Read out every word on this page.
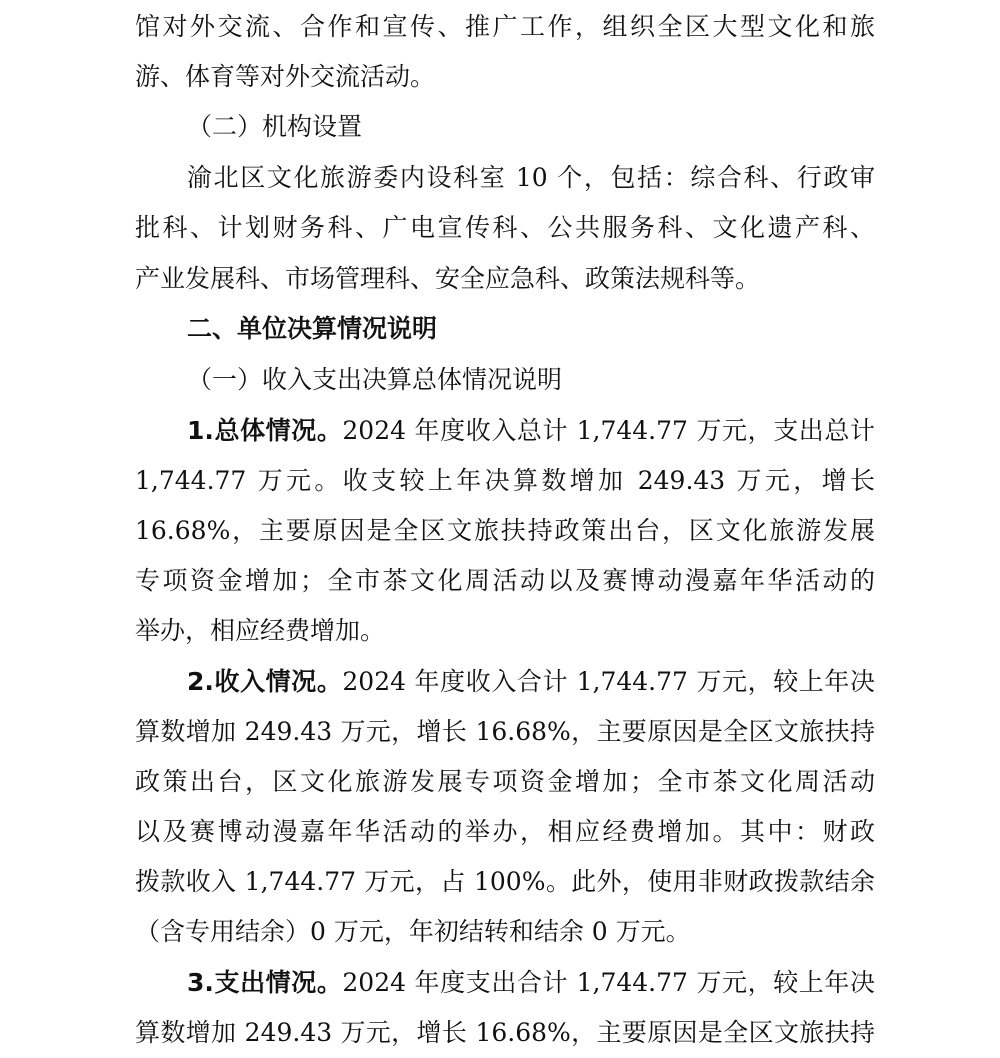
馆对外交流、合作和宣传、推广工作，组织全区大型文化和旅
游、体育等对外交流活动。
（二）机构设置
渝北区文化旅游委内设科室 10 个，包括：综合科、行政审
批科、计划财务科、广电宣传科、公共服务科、文化遗产科、
产业发展科、市场管理科、安全应急科、政策法规科等。
二、单位决算情况说明
（一）收入支出决算总体情况说明
1.总体情况。2024 年度收入总计 1,744.77 万元，支出总计
1,744.77 万元。收支较上年决算数增加 249.43 万元，增长
16.68%，主要原因是全区文旅扶持政策出台，区文化旅游发展
专项资金增加；全市茶文化周活动以及赛博动漫嘉年华活动的
举办，相应经费增加。
2.收入情况。2024 年度收入合计 1,744.77 万元，较上年决
算数增加 249.43 万元，增长 16.68%，主要原因是全区文旅扶持
政策出台，区文化旅游发展专项资金增加；全市茶文化周活动
以及赛博动漫嘉年华活动的举办，相应经费增加。其中：财政
拨款收入 1,744.77 万元，占 100%。此外，使用非财政拨款结余
（含专用结余）0 万元，年初结转和结余 0 万元。
3.支出情况。2024 年度支出合计 1,744.77 万元，较上年决
算数增加 249.43 万元，增长 16.68%，主要原因是全区文旅扶持
